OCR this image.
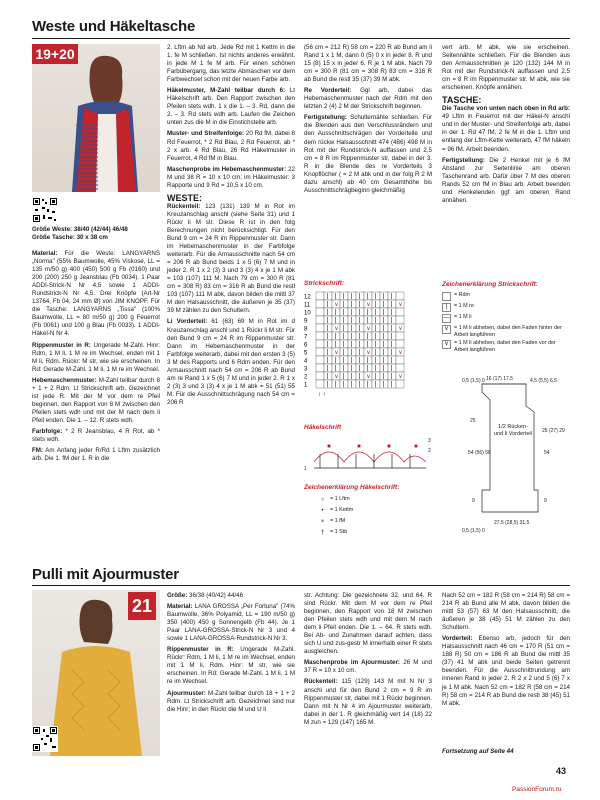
Weste und Häkeltasche
19+20
Größe Weste: 38/40 (42/44) 46/48
Größe Tasche: 30 x 38 cm

Material: Für die Weste: LANGYARNS „Norma" (55% Baumwolle, 45% Viskose, LL = 135 m/50 g) 400 (450) 500 g Fb (0160) und 200 (200) 250 g Jeansblau (Fb 0034). 1 Paar ADDI-Strick-N Nr 4,5 sowie 1 ADDI-Rundstrick-N Nr 4,5. Drei Knöpfe (Art-Nr 13764, Fb 04, 24 mm Ø) von JIM KNOPF. Für die Tasche: LANGYARNS „Tissa" (100% Baumwolle, LL = 80 m/50 g) 200 g Feuerrot (Fb 0061) und 100 g Blau (Fb 0033). 1 ADDI-Häkel-N Nr 4.

Rippenmuster in R: Ungerade M-Zahl. Hinr: Rdm, 1 M li, 1 M re im Wechsel, enden mit 1 M li, Rdm. Rückr: M str, wie sie erscheinen. In Rd: Gerade M-Zahl. 1 M li, 1 M re im Wechsel.

Hebemaschenmuster: M-Zahl teilbar durch 8 + 1 + 2 Rdm. Lt Strickschrift arb. Gezeichnet ist jede R. Mit der M vor dem re Pfeil beginnen, den Rapport von 8 M zwischen den Pfeilen stets wdh und mit der M nach dem li Pfeil enden. Die 1. – 12. R stets wdh.

Farbfolge: * 2 R Jeansblau, 4 R Rot, ab * stets wdh.

FM: Am Anfang jeder R/Rd 1 Lftm zusätzlich arb. Die 1. fM der 1. R in die

2. Lftm ab Nd arb. Jede Rd mit 1 Kettm in die 1. fe M schließen. Ist nichts anderes erwähnt, in jede M 1 fe M arb. Für einen schönen Farbübergang, das letzte Abmaschen vor dem Farbwechsel schon mit der neuen Farbe arb.

Häkelmuster, M-Zahl teilbar durch 6: Lt Häkelschrift arb. Den Rapport zwischen den Pfeilen stets wdh. 1 x die 1. – 3. Rd, dann die 2. – 3. Rd stets wdh arb. Laufen die Zeichen unten zus die M in die Einstichstelle arb.

Muster- und Streifenfolge: 20 Rd fM, dabei 8 Rd Feuerrot, * 2 Rd Blau, 2 Rd Feuerrot, ab * 2 x arb. 4 Rd Blau, 26 Rd Häkelmuster in Feuerrot, 4 Rd fM in Blau.

Maschenprobe im Hebemaschenmuster: 22 M und 38 R = 10 x 10 cm; im Häkelmuster: 3 Rapporte und 9 Rd = 10,5 x 10 cm.

WESTE:

Rückenteil: 123 (131) 139 M in Rot im Kreuzanschlag anschl (siehe Seite 31) und 1 Rückr li M str. Diese R ist in den folg Berechnungen nicht berücksichtigt. Für den Bund 9 cm = 24 R im Rippenmuster str. Dann im Hebemaschenmuster in der Farbfolge weiterarb. Für die Armausschnitte nach 54 cm = 206 R ab Bund beids 1 x 5 (6) 7 M und in jeder 2. R 1 x 2 (3) 3 und 3 (3) 4 x je 1 M abk = 103 (107) 111 M. Nach 79 cm = 300 R (81 cm = 308 R) 83 cm = 316 R ab Bund die restl 103 (107) 111 M abk, davon bilden die mittl 37 M den Halsausschnitt, die äußeren je 35 (37) 39 M zählen zu den Schultern.

Li Vorderteil: 61 (63) 69 M in Rot im d Kreuzanschlag anschl und 1 Rückr li M str. Für den Bund 9 cm = 24 R im Rippenmuster str. Dann im Hebemaschenmuster in der Farbfolge weiterarb, dabei mit den ersten 3 (5) 3 M des Rapports und 6 Rdm enden. Für den Armausschnitt nach 54 cm = 206 R ab Bund am re Rand 1 x 5 (6) 7 M und in jeder 2. R 1 x 2 (3) 3 und 3 (3) 4 x je 1 M abk = 51 (51) 55 M. Für die Ausschnittschrägung nach 54 cm = 206 R

(56 cm = 212 R) 58 cm = 220 R ab Bund am li Rand 1 x 1 M, dann 0 (5) 0 x in jeder 8. R und 15 (8) 15 x in jeder 6. R je 1 M abk. Nach 79 cm = 300 R (81 cm = 308 R) 83 cm = 316 R ab Bund die restl 35 (37) 39 M abk.

Re Vorderteil: Ggl arb, dabei das Hebemaschenmuster nach der Rdm mit den letzten 2 (4) 2 M der Strickschrift beginnen.

Fertigstellung: Schulternähte schließen. Für die Blenden aus den Verschlussrändern und den Ausschnittschrägen der Vorderteile und dem rückw Halsausschnitt 474 (486) 498 M in Rot mit der Rundstrick-N auffassen und 2,5 cm = 8 R im Rippenmuster str, dabei in der 3. R in die Blende des re Vorderteils 3 Knopflöcher ( = 2 M abk und in der folg R 2 M dazu anschl) ab 40 cm Gesamthöhe bis Ausschnittschrägbeginn gleichmäßig

Strickschrift:
12	| | | | | | | | |
11	| ∨ | | | ∨ | | | ∨
10	| | | | | | | | |
9	| | | | | | | | |
8	| ∨ | | | ∨ | | | ∨
7	| | | | | | | | |
6	| | | | | | | | |
5	| ∨ | | | ∨ | | | ∨
4	| | | | | | | | |
3	| | | | | | | | |
2	| ∨ | | | ∨ | | | ∨
1	| | | | | | | | |
↑ ↑
Häkelschrift
1
2
3
Zeichenerklärung Häkelschrift:
○	= 1 Lftm
•	= 1 Kettm
×	= 1 fM
†	= 1 Stb

vert arb. M abk, wie sie erscheinen. Seitennähte schließen. Für die Blenden aus den Armausschnitten je 120 (132) 144 M in Rot mit der Rundstrick-N auffassen und 2,5 cm = 8 R im Rippenmuster str. M abk, wie sie erscheinen. Knöpfe annähen.

TASCHE:

Die Tasche von unten nach oben in Rd arb: 49 Lftm in Feuerrot mit der Häkel-N anschl und in der Muster- und Streifenfolge arb, dabei in der 1. Rd 47 fM, 2 fe M in die 1. Lftm und entlang der Lftm-Kette weiterarb, 47 fM häkeln = 96 fM. Arbeit beenden.

Fertigstellung: Die 2 Henkel mit je 6 fM Abstand zur Seitenlinie am oberen Taschenrand arb. Dafür über 7 M des oberen Rands 52 cm fM in Blau arb. Arbeit beenden und Henkelenden ggf am oberen Rand annähen.

Zeichenerklärung Strickschrift:
= Rdm
|	= 1 M re
— = 1 M li
∨ = 1 M li abheben, dabei den Faden hinter der Arbeit langführen
∨ = 1 M li abheben, dabei den Faden vor der Arbeit langführen
0,5 (1,5) 0 16 (17) 17,5	4,5 (5,5) 6,5
25
25 (27) 29
54 (56) 58	54
9	9
27,5 (28,5) 31,5
0,5 (1,5) 0
1/2 Rücken- und li Vorderteil
Pulli mit Ajourmuster
21

Größe: 36/38 (40/42) 44/46

Material: LANA GROSSA „Per Fortuna" (74% Baumwolle, 36% Polyamid, LL = 190 m/50 g) 350 (400) 450 g Sonnengelb (Fb 44). Je 1 Paar LANA-GROSSA-Strick-N Nr 3 und 4 sowie 1 LANA-GROSSA-Rundstrick-N Nr 3.

Rippenmuster in R: Ungerade M-Zahl. Rückr: Rdm, 1 M li, 1 M re im Wechsel, enden mit 1 M li, Rdm. Hinr: M str, wie sie erscheinen. In Rd: Gerade M-Zahl. 1 M li, 1 M re im Wechsel.

Ajourmuster: M-Zahl teilbar durch 18 + 1 + 2 Rdm. Lt Strickschrift arb. Gezeichnet sind nur die Hinr; in den Rückr die M und U li

str. Achtung: Die gezeichnete 32. und 64. R sind Rückr. Mit dem M vor dem re Pfeil beginnen, den Rapport von 18 M zwischen den Pfeilen stets wdh und mit dem M nach dem li Pfeil enden. Die 1. – 64. R stets wdh. Bei Ab- und Zunahmen darauf achten, dass sich U und zus-gestr M innerhalb einer R stets ausgleichen.

Maschenprobe im Ajourmuster: 26 M und 37 R = 10 x 10 cm.

Rückenteil: 115 (129) 143 M mit N Nr 3 anschl und für den Bund 2 cm = 9 R im Rippenmuster str, dabei mit 1 Rückr beginnen. Dann mit N Nr 4 im Ajourmuster weiterarb, dabei in der 1. R gleichmäßig vert 14 (18) 22 M zun = 129 (147) 165 M.

Nach 52 cm = 182 R (58 cm = 214 R) 58 cm = 214 R ab Bund alle M abk, davon bilden die mittl 53 (57) 63 M den Halsausschnitt, die äußeren je 38 (45) 51 M zählen zu den Schultern.

Vorderteil: Ebenso arb, jedoch für den Halsausschnitt nach 46 cm = 170 R (51 cm = 188 R) 50 cm = 186 R ab Bund die mittl 35 (37) 41 M abk und beide Seiten getrennt beenden. Für die Ausschnittrundung am inneren Rand in jeder 2. R 2 x 2 und 5 (6) 7 x je 1 M abk. Nach 52 cm = 182 R (58 cm = 214 R) 58 cm = 214 R ab Bund die restl 38 (45) 51 M abk.

Fortsetzung auf Seite 44
43
PassionForum.ru
